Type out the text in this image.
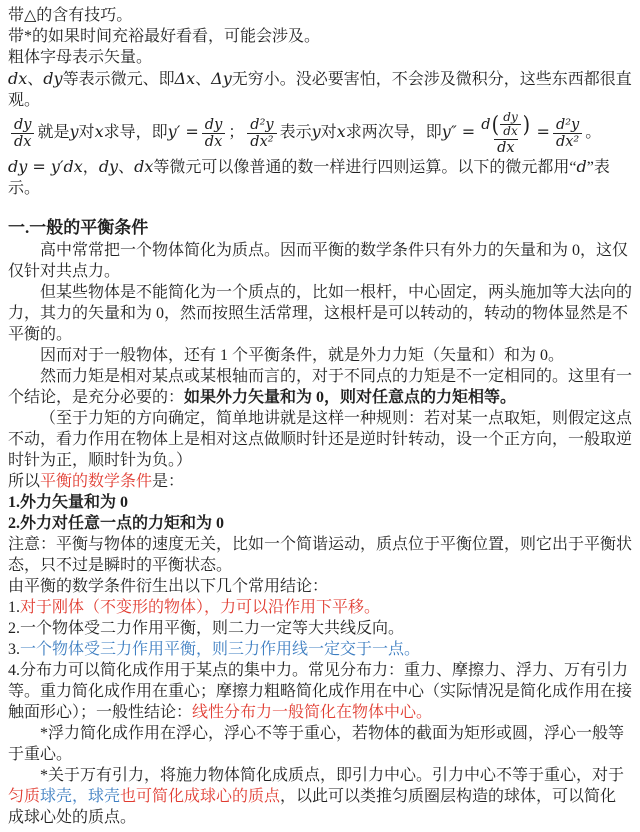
带△的含有技巧。

带*的如果时间充裕最好看看，可能会涉及。

粗体字母表示矢量。

dx、dy等表示微元、即Δx、Δy无穷小。没必要害怕，不会涉及微积分，这些东西都很直观。

$\frac{dy}{dx}$ 就是y对x求导，即$y' = \frac{dy}{dx}$ ； $\frac{\text{d²y}}{\text{dx²}}$ 表示y对x求两次导，即$y'' = \frac{d ( \frac{dy}{dx} )}{dx} = \frac{\text{d²y}}{\text{dx²}}$ 。

dy = y′dx，dy、dx等微元可以像普通的数一样进行四则运算。以下的微元都用“d”表示。

一.一般的平衡条件

高中常常把一个物体简化为质点。因而平衡的数学条件只有外力的矢量和为 0，这仅仅针对共点力。

但某些物体是不能简化为一个质点的，比如一根杆，中心固定，两头施加等大法向的力，其力的矢量和为 0，然而按照生活常理，这根杆是可以转动的，转动的物体显然是不平衡的。

因而对于一般物体，还有 1 个平衡条件，就是外力力矩（矢量和）和为 0。

然而力矩是相对某点或某根轴而言的，对于不同点的力矩是不一定相同的。这里有一个结论，是充分必要的：如果外力矢量和为 0，则对任意点的力矩相等。

（至于力矩的方向确定，简单地讲就是这样一种规则：若对某一点取矩，则假定这点不动，看力作用在物体上是相对这点做顺时针还是逆时针转动，设一个正方向，一般取逆时针为正，顺时针为负。）

所以平衡的数学条件是：

1.外力矢量和为 0

2.外力对任意一点的力矩和为 0

注意：平衡与物体的速度无关，比如一个简谐运动，质点位于平衡位置，则它出于平衡状态，只不过是瞬时的平衡状态。

由平衡的数学条件衍生出以下几个常用结论：

1.对于刚体（不变形的物体），力可以沿作用下平移。

2.一个物体受二力作用平衡，则二力一定等大共线反向。

3.一个物体受三力作用平衡，则三力作用线一定交于一点。

4.分布力可以简化成作用于某点的集中力。常见分布力：重力、摩擦力、浮力、万有引力等。重力简化成作用在重心；摩擦力粗略简化成作用在中心（实际情况是简化成作用在接触面形心）；一般性结论：线性分布力一般简化在物体中心。

*浮力简化成作用在浮心，浮心不等于重心，若物体的截面为矩形或圆，浮心一般等于重心。

*关于万有引力，将施力物体简化成质点，即引力中心。引力中心不等于重心，对于匀质球壳，球壳也可简化成球心的质点，以此可以类推匀质圈层构造的球体，可以简化成球心处的质点。
